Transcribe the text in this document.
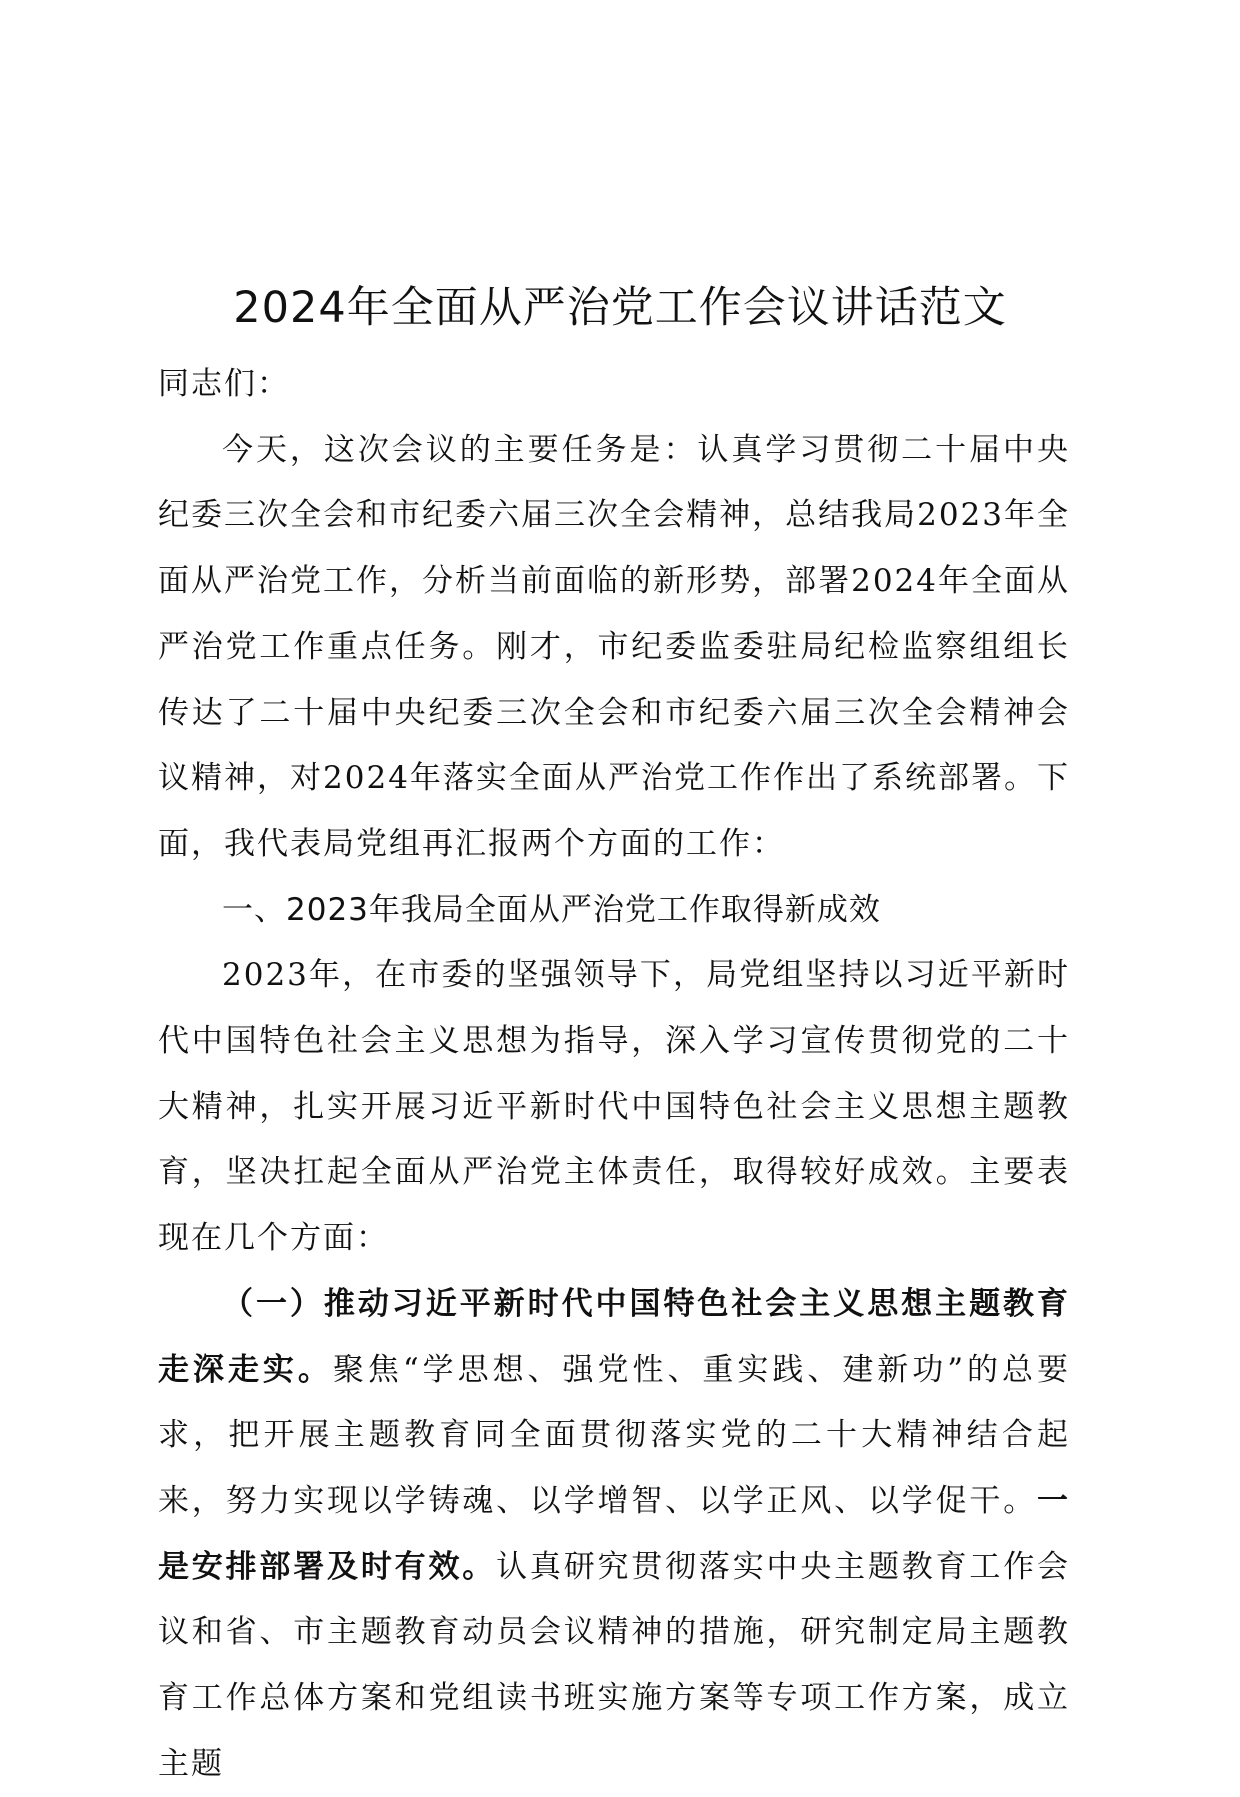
2024年全面从严治党工作会议讲话范文

同志们：

今天，这次会议的主要任务是：认真学习贯彻二十届中央纪委三次全会和市纪委六届三次全会精神，总结我局2023年全面从严治党工作，分析当前面临的新形势，部署2024年全面从严治党工作重点任务。刚才，市纪委监委驻局纪检监察组组长传达了二十届中央纪委三次全会和市纪委六届三次全会精神会议精神，对2024年落实全面从严治党工作作出了系统部署。下面，我代表局党组再汇报两个方面的工作：

一、2023年我局全面从严治党工作取得新成效

2023年，在市委的坚强领导下，局党组坚持以习近平新时代中国特色社会主义思想为指导，深入学习宣传贯彻党的二十大精神，扎实开展习近平新时代中国特色社会主义思想主题教育，坚决扛起全面从严治党主体责任，取得较好成效。主要表现在几个方面：

（一）推动习近平新时代中国特色社会主义思想主题教育走深走实。聚焦“学思想、强党性、重实践、建新功”的总要求，把开展主题教育同全面贯彻落实党的二十大精神结合起来，努力实现以学铸魂、以学增智、以学正风、以学促干。一是安排部署及时有效。认真研究贯彻落实中央主题教育工作会议和省、市主题教育动员会议精神的措施，研究制定局主题教育工作总体方案和党组读书班实施方案等专项工作方案，成立主题
